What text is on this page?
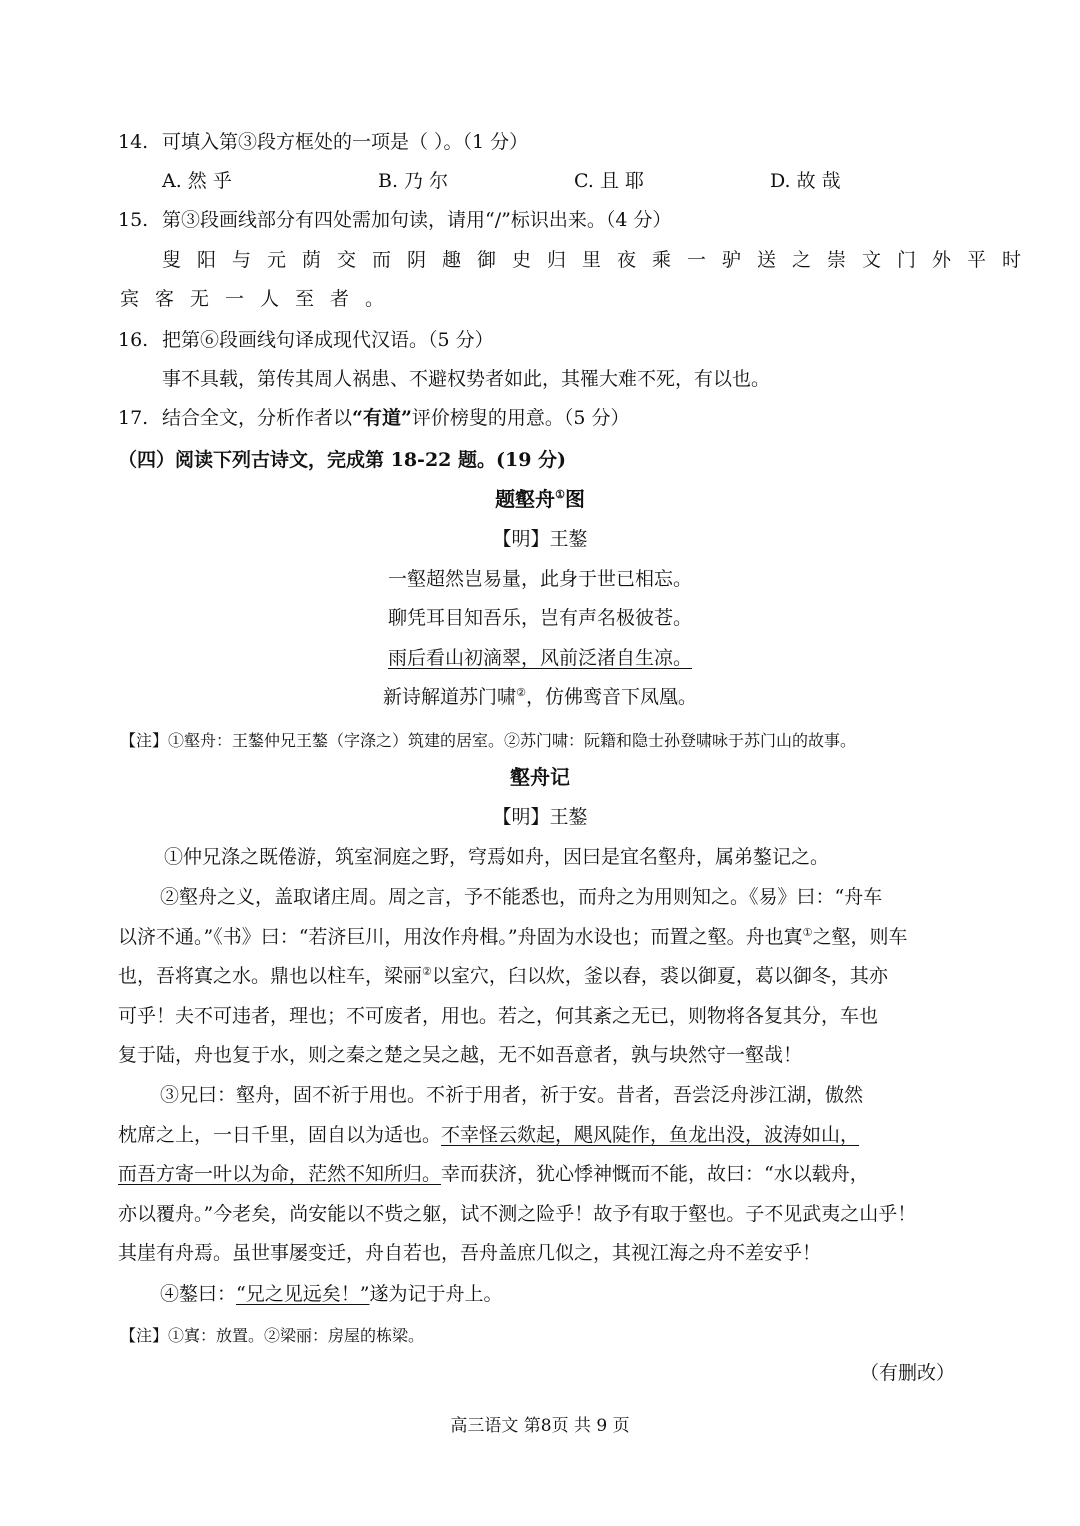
14. 可填入第③段方框处的一项是（ ）。（1 分）
A. 然 乎	B. 乃 尔	C. 且 耶	D. 故 哉
15. 第③段画线部分有四处需加句读，请用“/”标识出来。（4 分）
叟阳与元荫交而阴趣御史归里夜乘一驴送之崇文门外平时
宾客无一人至者。
16. 把第⑥段画线句译成现代汉语。（5 分）
事不具载，第传其周人祸患、不避权势者如此，其罹大难不死，有以也。
17. 结合全文，分析作者以“有道”评价榜叟的用意。（5 分）
（四）阅读下列古诗文，完成第 18-22 题。(19 分)
题壑舟①图
【明】王鏊
一壑超然岂易量，此身于世已相忘。
聊凭耳目知吾乐，岂有声名极彼苍。
雨后看山初滴翠，风前泛渚自生凉。
新诗解道苏门啸②，仿佛鸾音下凤凰。
【注】①壑舟：王鏊仲兄王鏊（字涤之）筑建的居室。②苏门啸：阮籍和隐士孙登啸咏于苏门山的故事。
壑舟记
【明】王鏊
①仲兄涤之既倦游，筑室洞庭之野，穹焉如舟，因曰是宜名壑舟，属弟鏊记之。
②壑舟之义，盖取诸庄周。周之言，予不能悉也，而舟之为用则知之。《易》曰：“舟车
以济不通。”《书》曰：“若济巨川，用汝作舟楫。”舟固为水设也；而置之壑。舟也寘①之壑，则车
也，吾将寘之水。鼎也以柱车，梁丽②以室穴，臼以炊，釜以舂，裘以御夏，葛以御冬，其亦
可乎！夫不可违者，理也；不可废者，用也。若之，何其紊之无已，则物将各复其分，车也
复于陆，舟也复于水，则之秦之楚之吴之越，无不如吾意者，孰与块然守一壑哉！
③兄曰：壑舟，固不祈于用也。不祈于用者，祈于安。昔者，吾尝泛舟涉江湖，傲然
枕席之上，一日千里，固自以为适也。不幸怪云欻起，飓风陡作，鱼龙出没，波涛如山，
而吾方寄一叶以为命，茫然不知所归。幸而获济，犹心悸神慨而不能，故曰：“水以载舟，
亦以覆舟。”今老矣，尚安能以不赀之躯，试不测之险乎！故予有取于壑也。子不见武夷之山乎！
其崖有舟焉。虽世事屡变迁，舟自若也，吾舟盖庶几似之，其视江海之舟不差安乎！
④鏊曰：“兄之见远矣！”遂为记于舟上。
【注】①寘：放置。②梁丽：房屋的栋梁。
（有删改）
高三语文 第8页 共 9 页
